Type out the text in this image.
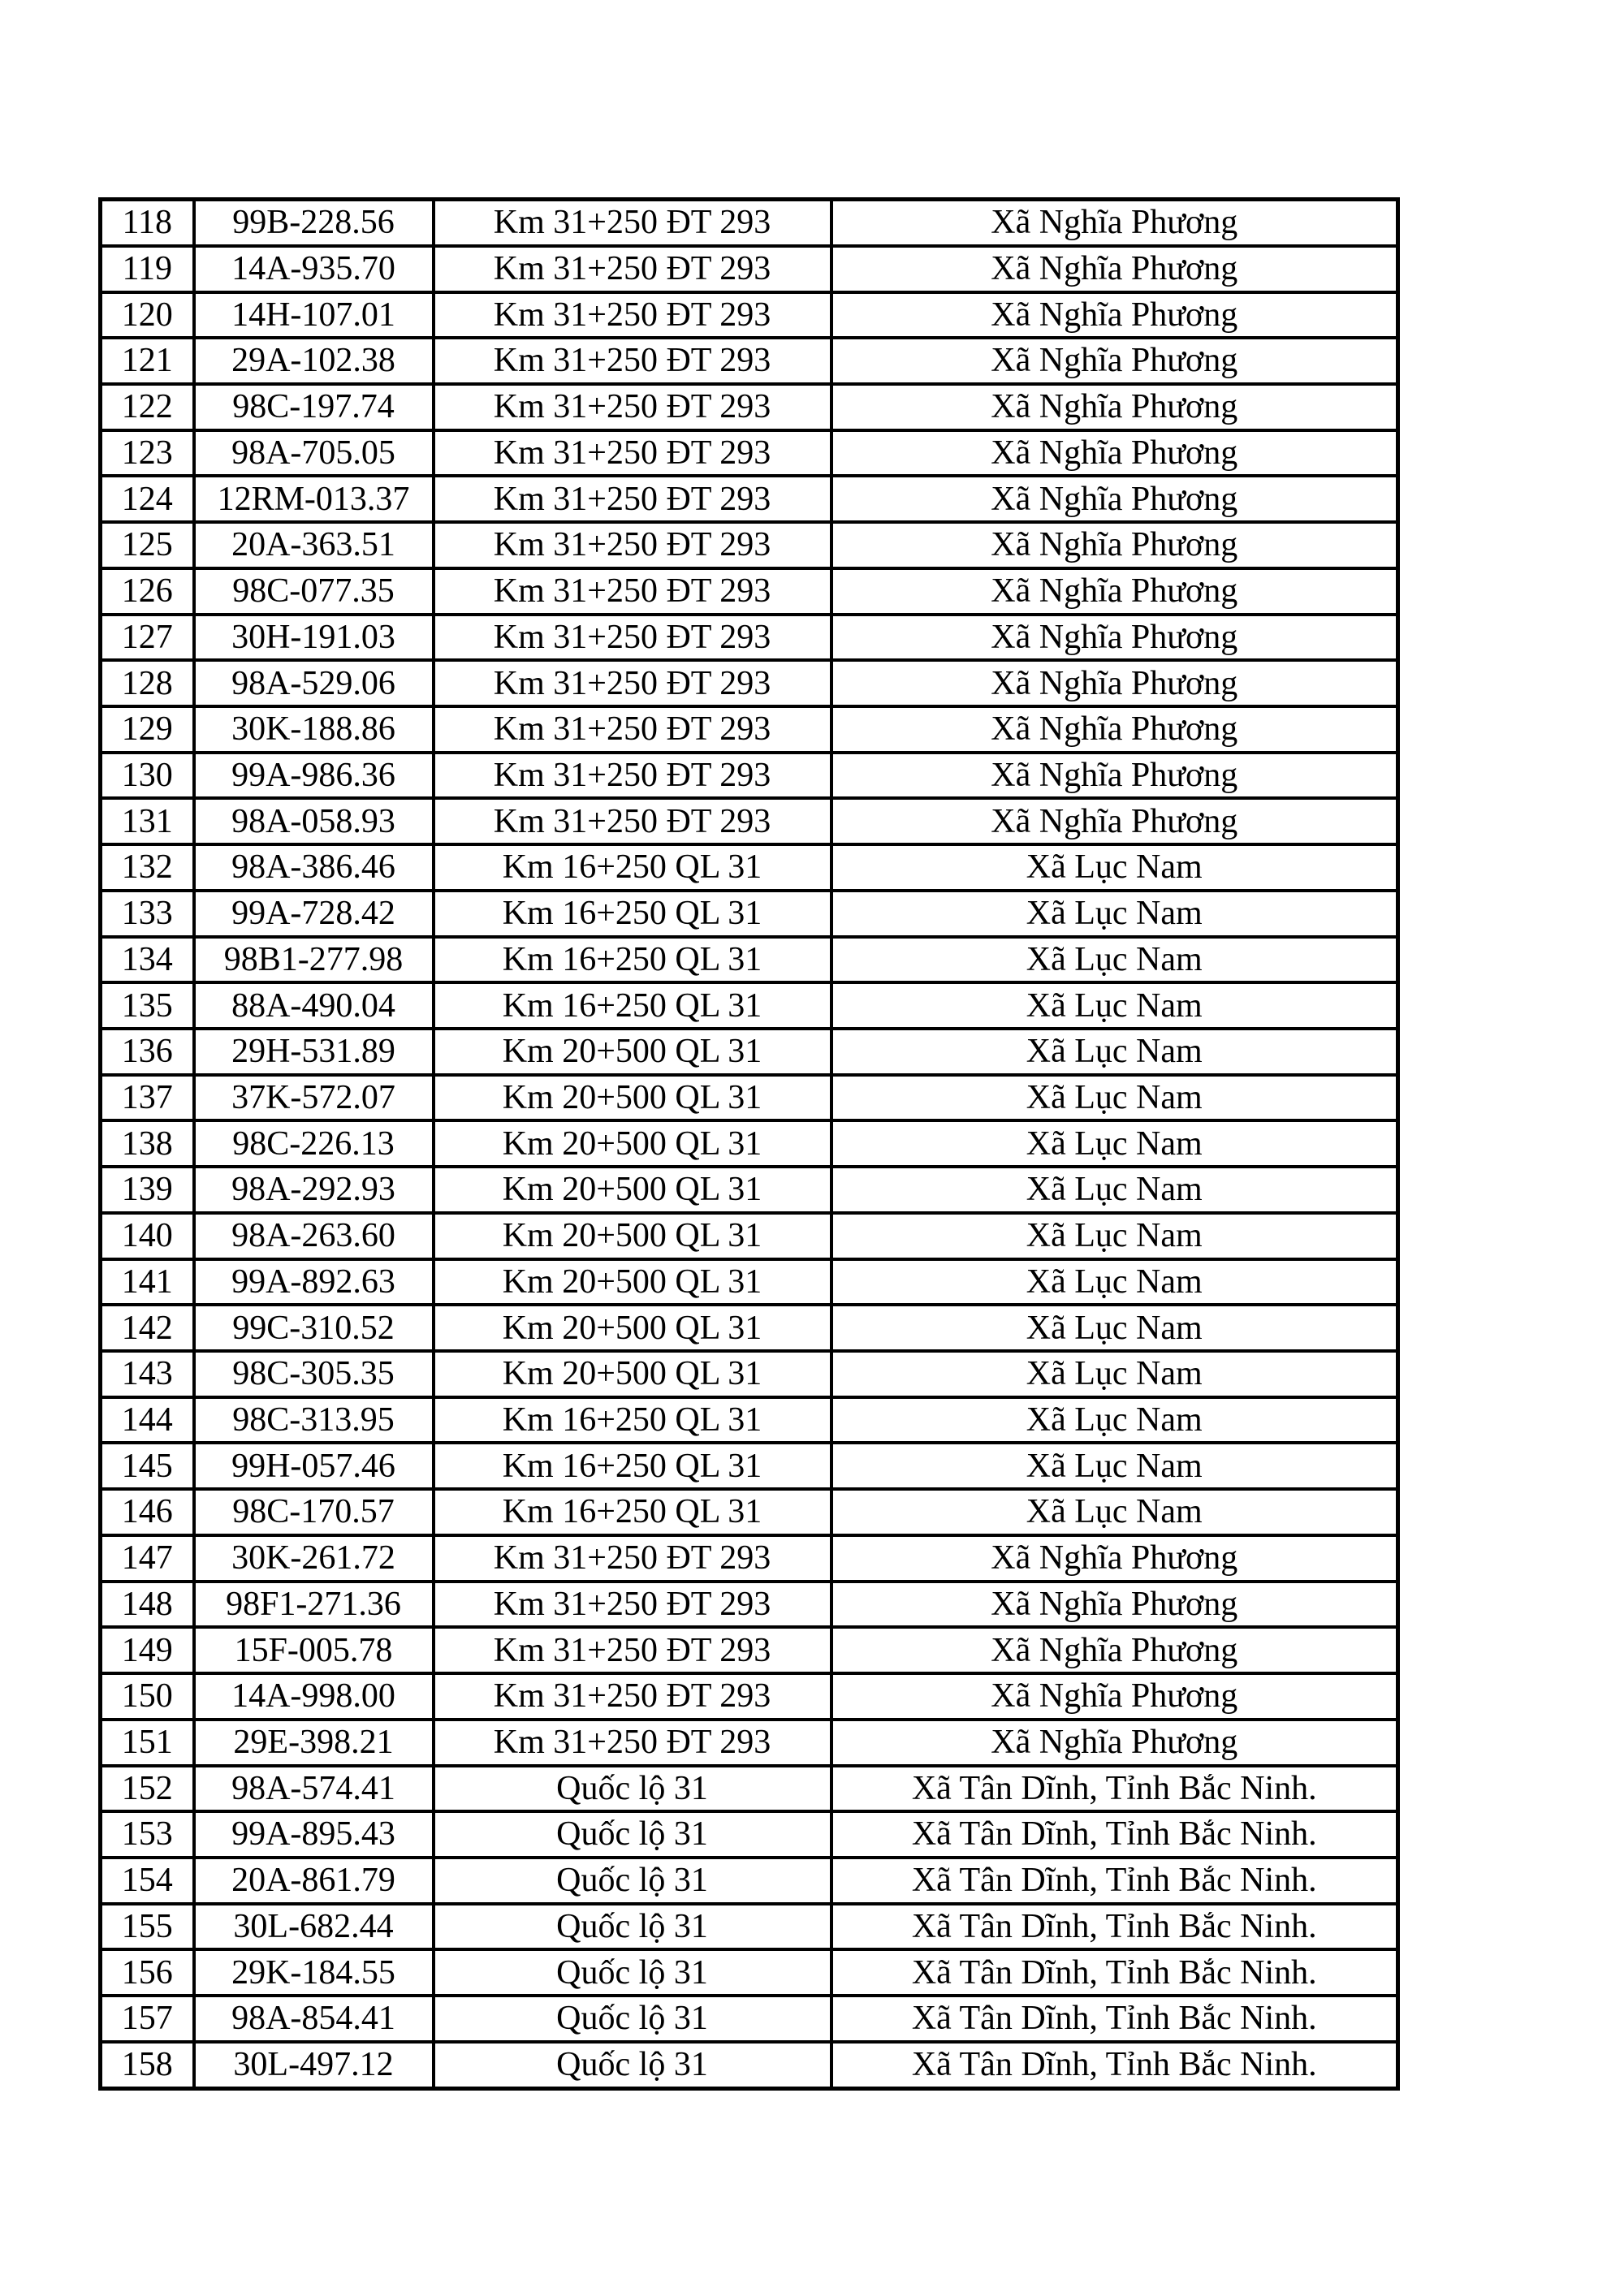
118	99B-228.56	Km 31+250 ĐT 293	Xã Nghĩa Phương
119	14A-935.70	Km 31+250 ĐT 293	Xã Nghĩa Phương
120	14H-107.01	Km 31+250 ĐT 293	Xã Nghĩa Phương
121	29A-102.38	Km 31+250 ĐT 293	Xã Nghĩa Phương
122	98C-197.74	Km 31+250 ĐT 293	Xã Nghĩa Phương
123	98A-705.05	Km 31+250 ĐT 293	Xã Nghĩa Phương
124	12RM-013.37	Km 31+250 ĐT 293	Xã Nghĩa Phương
125	20A-363.51	Km 31+250 ĐT 293	Xã Nghĩa Phương
126	98C-077.35	Km 31+250 ĐT 293	Xã Nghĩa Phương
127	30H-191.03	Km 31+250 ĐT 293	Xã Nghĩa Phương
128	98A-529.06	Km 31+250 ĐT 293	Xã Nghĩa Phương
129	30K-188.86	Km 31+250 ĐT 293	Xã Nghĩa Phương
130	99A-986.36	Km 31+250 ĐT 293	Xã Nghĩa Phương
131	98A-058.93	Km 31+250 ĐT 293	Xã Nghĩa Phương
132	98A-386.46	Km 16+250 QL 31	Xã Lục Nam
133	99A-728.42	Km 16+250 QL 31	Xã Lục Nam
134	98B1-277.98	Km 16+250 QL 31	Xã Lục Nam
135	88A-490.04	Km 16+250 QL 31	Xã Lục Nam
136	29H-531.89	Km 20+500 QL 31	Xã Lục Nam
137	37K-572.07	Km 20+500 QL 31	Xã Lục Nam
138	98C-226.13	Km 20+500 QL 31	Xã Lục Nam
139	98A-292.93	Km 20+500 QL 31	Xã Lục Nam
140	98A-263.60	Km 20+500 QL 31	Xã Lục Nam
141	99A-892.63	Km 20+500 QL 31	Xã Lục Nam
142	99C-310.52	Km 20+500 QL 31	Xã Lục Nam
143	98C-305.35	Km 20+500 QL 31	Xã Lục Nam
144	98C-313.95	Km 16+250 QL 31	Xã Lục Nam
145	99H-057.46	Km 16+250 QL 31	Xã Lục Nam
146	98C-170.57	Km 16+250 QL 31	Xã Lục Nam
147	30K-261.72	Km 31+250 ĐT 293	Xã Nghĩa Phương
148	98F1-271.36	Km 31+250 ĐT 293	Xã Nghĩa Phương
149	15F-005.78	Km 31+250 ĐT 293	Xã Nghĩa Phương
150	14A-998.00	Km 31+250 ĐT 293	Xã Nghĩa Phương
151	29E-398.21	Km 31+250 ĐT 293	Xã Nghĩa Phương
152	98A-574.41	Quốc lộ 31	Xã Tân Dĩnh, Tỉnh Bắc Ninh.
153	99A-895.43	Quốc lộ 31	Xã Tân Dĩnh, Tỉnh Bắc Ninh.
154	20A-861.79	Quốc lộ 31	Xã Tân Dĩnh, Tỉnh Bắc Ninh.
155	30L-682.44	Quốc lộ 31	Xã Tân Dĩnh, Tỉnh Bắc Ninh.
156	29K-184.55	Quốc lộ 31	Xã Tân Dĩnh, Tỉnh Bắc Ninh.
157	98A-854.41	Quốc lộ 31	Xã Tân Dĩnh, Tỉnh Bắc Ninh.
158	30L-497.12	Quốc lộ 31	Xã Tân Dĩnh, Tỉnh Bắc Ninh.
